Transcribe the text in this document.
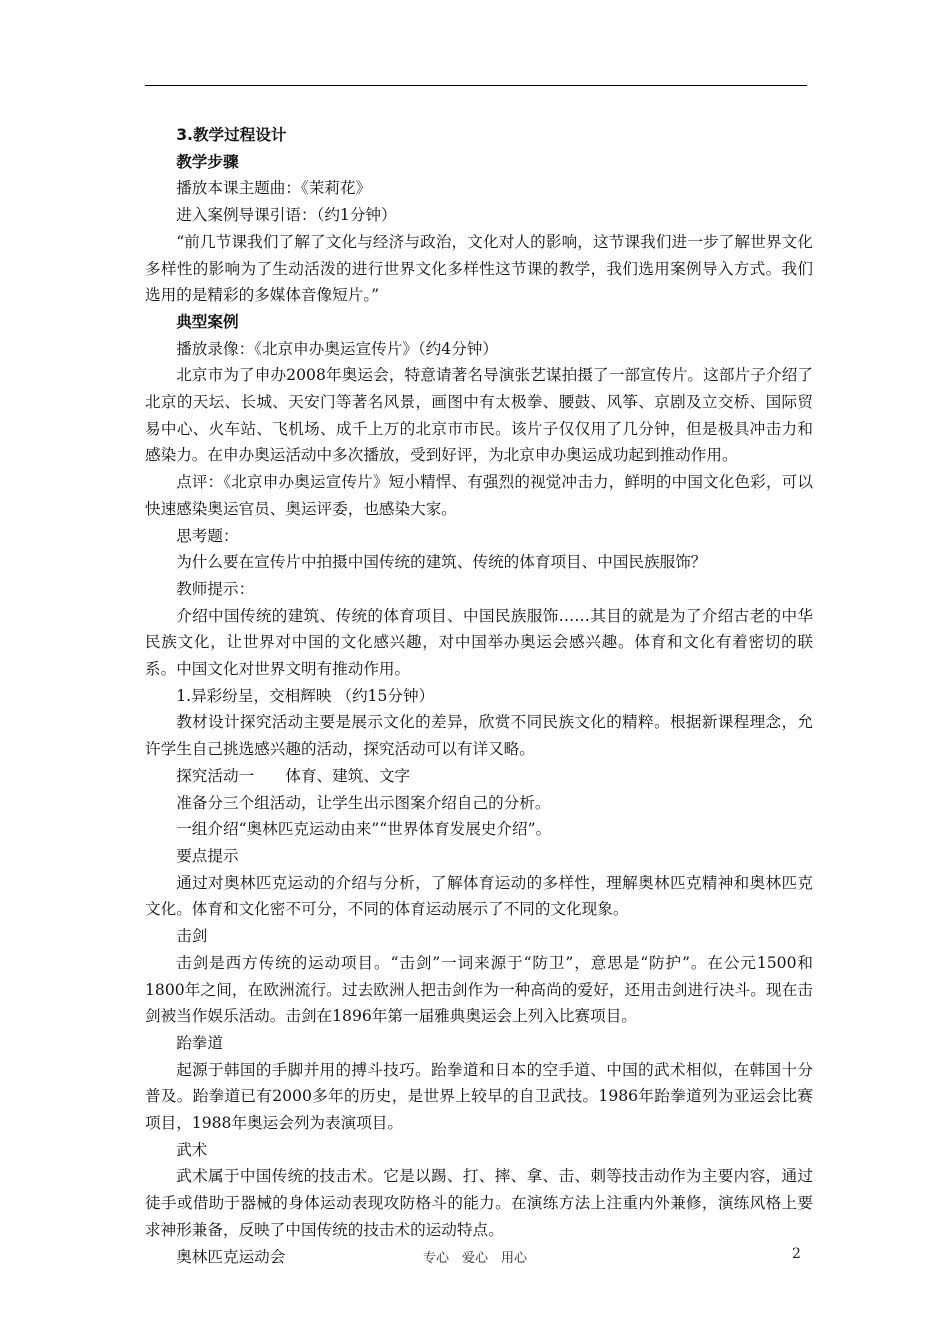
3.教学过程设计

教学步骤

播放本课主题曲：《茉莉花》

进入案例导课引语：（约1分钟）

“前几节课我们了解了文化与经济与政治，文化对人的影响，这节课我们进一步了解世界文化多样性的影响为了生动活泼的进行世界文化多样性这节课的教学，我们选用案例导入方式。我们选用的是精彩的多媒体音像短片。”

典型案例

播放录像：《北京申办奥运宣传片》（约4分钟）

北京市为了申办2008年奥运会，特意请著名导演张艺谋拍摄了一部宣传片。这部片子介绍了北京的天坛、长城、天安门等著名风景，画图中有太极拳、腰鼓、风筝、京剧及立交桥、国际贸易中心、火车站、飞机场、成千上万的北京市市民。该片子仅仅用了几分钟，但是极具冲击力和感染力。在申办奥运活动中多次播放，受到好评，为北京申办奥运成功起到推动作用。

点评：《北京申办奥运宣传片》短小精悍、有强烈的视觉冲击力，鲜明的中国文化色彩，可以快速感染奥运官员、奥运评委，也感染大家。

思考题：

为什么要在宣传片中拍摄中国传统的建筑、传统的体育项目、中国民族服饰？

教师提示：

介绍中国传统的建筑、传统的体育项目、中国民族服饰……其目的就是为了介绍古老的中华民族文化，让世界对中国的文化感兴趣，对中国举办奥运会感兴趣。体育和文化有着密切的联系。中国文化对世界文明有推动作用。

1.异彩纷呈，交相辉映 （约15分钟）

教材设计探究活动主要是展示文化的差异，欣赏不同民族文化的精粹。根据新课程理念，允许学生自己挑选感兴趣的活动，探究活动可以有详又略。

探究活动一　　体育、建筑、文字

准备分三个组活动，让学生出示图案介绍自己的分析。

一组介绍“奥林匹克运动由来”“世界体育发展史介绍”。

要点提示

通过对奥林匹克运动的介绍与分析，了解体育运动的多样性，理解奥林匹克精神和奥林匹克文化。体育和文化密不可分，不同的体育运动展示了不同的文化现象。

击剑

击剑是西方传统的运动项目。“击剑”一词来源于“防卫”，意思是“防护”。在公元1500和1800年之间，在欧洲流行。过去欧洲人把击剑作为一种高尚的爱好，还用击剑进行决斗。现在击剑被当作娱乐活动。击剑在1896年第一届雅典奥运会上列入比赛项目。

跆拳道

起源于韩国的手脚并用的搏斗技巧。跆拳道和日本的空手道、中国的武术相似，在韩国十分普及。跆拳道已有2000多年的历史，是世界上较早的自卫武技。1986年跆拳道列为亚运会比赛项目，1988年奥运会列为表演项目。

武术

武术属于中国传统的技击术。它是以踢、打、摔、拿、击、刺等技击动作为主要内容，通过徒手或借助于器械的身体运动表现攻防格斗的能力。在演练方法上注重内外兼修，演练风格上要求神形兼备，反映了中国传统的技击术的运动特点。

奥林匹克运动会	专心　爱心　用心	2
